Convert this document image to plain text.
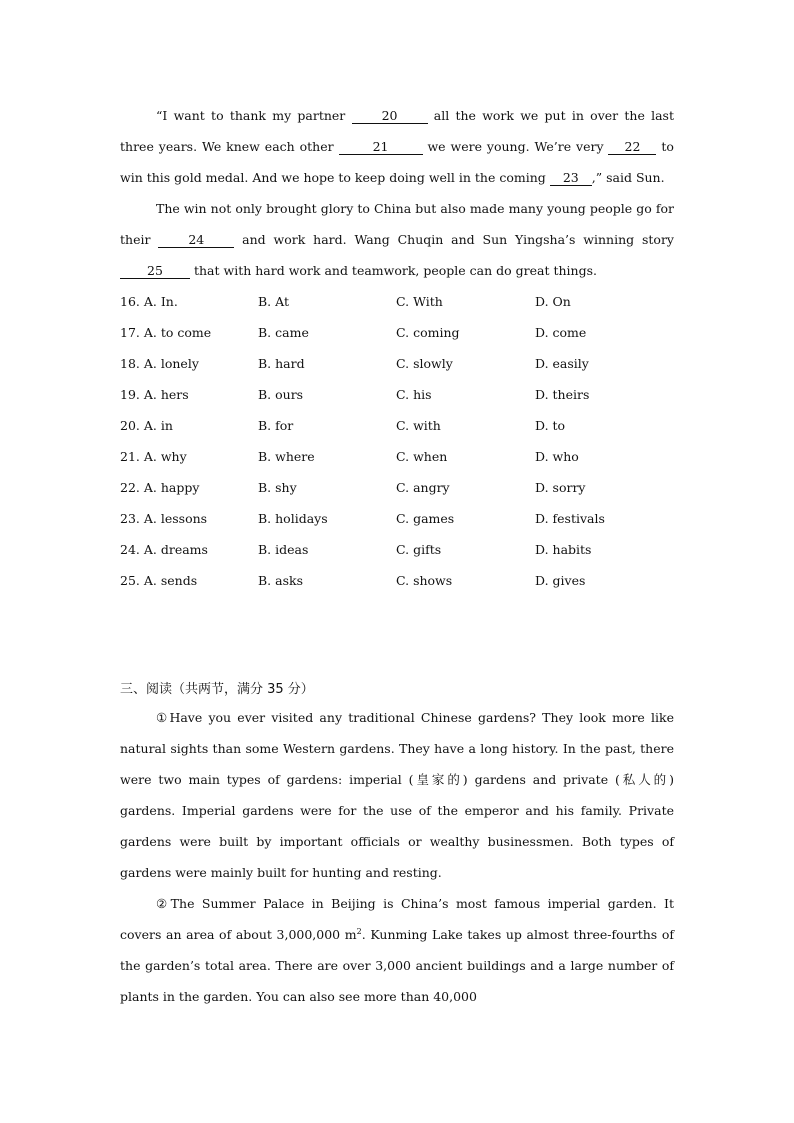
“I want to thank my partner	20	all the work we put in over the last three years. We knew each other	21	we were young. We’re very 22 to win this gold medal. And we hope to keep doing well in the coming 23 ,” said Sun.

The win not only brought glory to China but also made many young people go for their	24	and work hard. Wang Chuqin and Sun Yingsha’s winning story 25 that with hard work and teamwork, people can do great things.

16. A. In.	B. At	C. With	D. On
17. A. to come	B. came	C. coming	D. come
18. A. lonely	B. hard	C. slowly	D. easily
19. A. hers	B. ours	C. his	D. theirs
20. A. in	B. for	C. with	D. to
21. A. why	B. where	C. when	D. who
22. A. happy	B. shy	C. angry	D. sorry
23. A. lessons	B. holidays	C. games	D. festivals
24. A. dreams	B. ideas	C. gifts	D. habits
25. A. sends	B. asks	C. shows	D. gives
三、阅读（共两节，满分 35 分）

①Have you ever visited any traditional Chinese gardens? They look more like natural sights than some Western gardens. They have a long history. In the past, there were two main types of gardens: imperial (皇家的) gardens and private (私人的) gardens. Imperial gardens were for the use of the emperor and his family. Private gardens were built by important officials or wealthy businessmen. Both types of gardens were mainly built for hunting and resting.

②The Summer Palace in Beijing is China’s most famous imperial garden. It covers an area of about 3,000,000 $m^2$. Kunming Lake takes up almost three-fourths of the garden’s total area. There are over 3,000 ancient buildings and a large number of plants in the garden. You can also see more than 40,000
